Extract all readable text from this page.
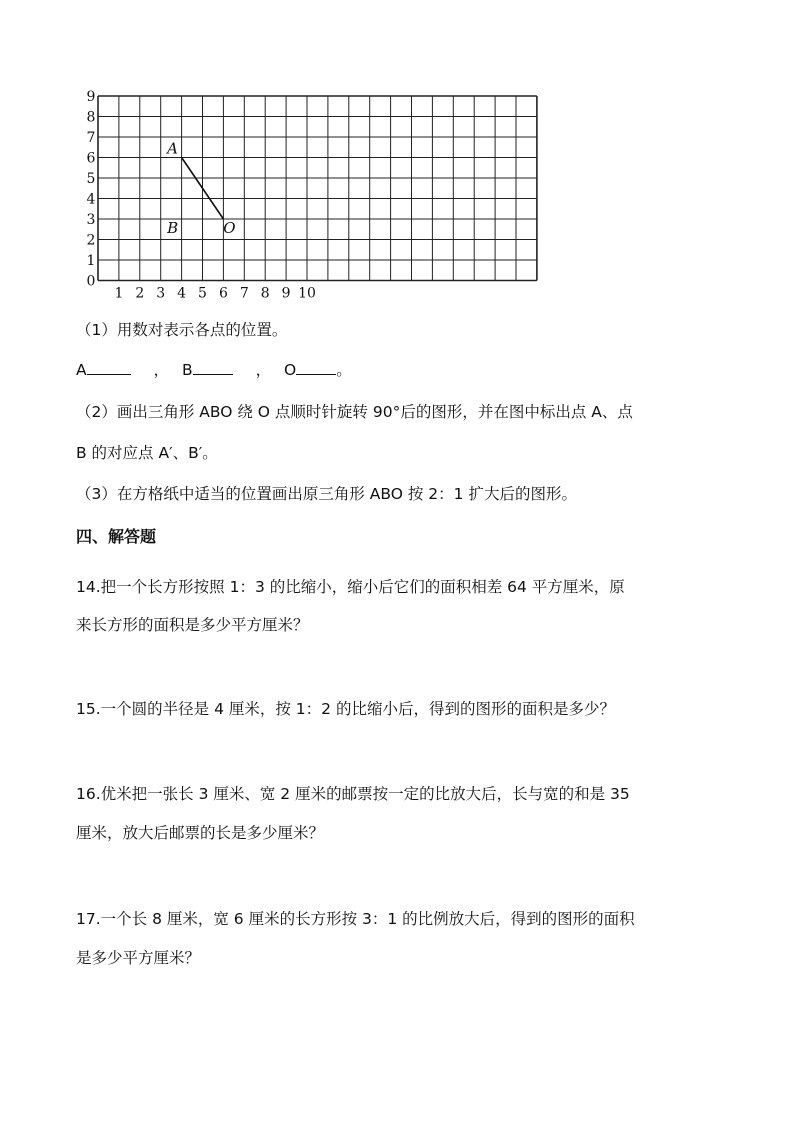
0
1
2
3
4
5
6
7
8
9
1 2 3 4 5 6 7 8 9 10
A
B	O

（1）用数对表示各点的位置。

A	， B	， O	。

（2）画出三角形 ABO 绕 O 点顺时针旋转 90°后的图形，并在图中标出点 A、点

B 的对应点 A′、B′。

（3）在方格纸中适当的位置画出原三角形 ABO 按 2：1 扩大后的图形。

四、解答题

14.把一个长方形按照 1：3 的比缩小，缩小后它们的面积相差 64 平方厘米，原

来长方形的面积是多少平方厘米？

15.一个圆的半径是 4 厘米，按 1：2 的比缩小后，得到的图形的面积是多少？

16.优米把一张长 3 厘米、宽 2 厘米的邮票按一定的比放大后，长与宽的和是 35

厘米，放大后邮票的长是多少厘米？

17.一个长 8 厘米，宽 6 厘米的长方形按 3：1 的比例放大后，得到的图形的面积

是多少平方厘米？
